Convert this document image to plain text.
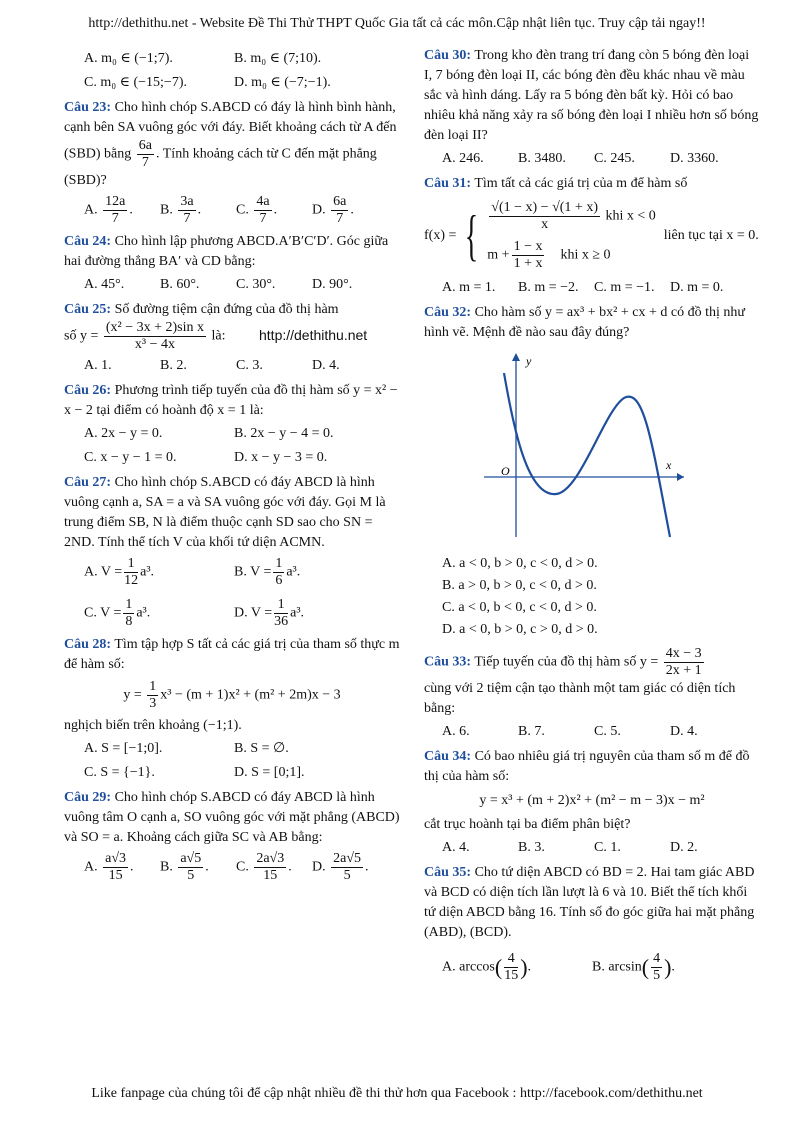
http://dethithu.net - Website Đề Thi Thử THPT Quốc Gia tất cả các môn.Cập nhật liên tục. Truy cập tải ngay!!
A. m₀ ∈ (−1;7).	B. m₀ ∈ (7;10).
C. m₀ ∈ (−15;−7).	D. m₀ ∈ (−7;−1).

Câu 23: Cho hình chóp S.ABCD có đáy là hình bình hành, cạnh bên SA vuông góc với đáy. Biết khoảng cách từ A đến (SBD) bằng $\frac{6a}{7}$ . Tính khoảng cách từ C đến mặt phẳng (SBD)?

A. $\frac{12a}{7}$ .	B. $\frac{3a}{7}$ .	C. $\frac{4a}{7}$ .	D. $\frac{6a}{7}$ .

Câu 24: Cho hình lập phương ABCD.A′B′C′D′. Góc giữa hai đường thẳng BA′ và CD bằng:

A. 45°.	B. 60°.	C. 30°.	D. 90°.

Câu 25: Số đường tiệm cận đứng của đồ thị hàm

số $y = \frac{\text{(x² − 3x + 2)sin x}}{\text{x³ − 4x}}$ là: http://dethithu.net

A. 1.	B. 2.	C. 3.	D. 4.

Câu 26: Phương trình tiếp tuyến của đồ thị hàm số y = x² − x − 2 tại điểm có hoành độ x = 1 là:

A. 2x − y = 0.	B. 2x − y − 4 = 0.
C. x − y − 1 = 0.	D. x − y − 3 = 0.

Câu 27: Cho hình chóp S.ABCD có đáy ABCD là hình vuông cạnh a, SA = a và SA vuông góc với đáy. Gọi M là trung điểm SB, N là điểm thuộc cạnh SD sao cho SN = 2ND. Tính thể tích V của khối tứ diện ACMN.

A. $V = \frac{1}{12} a^3$.	B. $V = \frac{1}{6} a^3$.
C. $V = \frac{1}{8} a^3$.	D. $V = \frac{1}{36} a^3$.

Câu 28: Tìm tập hợp S tất cả các giá trị của tham số thực m để hàm số:

$y = \frac{1}{3} x^3 - (m + 1)x^2 + (m^2 + 2m)x - 3$

nghịch biến trên khoảng (−1;1).

A. S = [−1;0].	B. S = ∅.
C. S = {−1}.	D. S = [0;1].

Câu 29: Cho hình chóp S.ABCD có đáy ABCD là hình vuông tâm O cạnh a, SO vuông góc với mặt phẳng (ABCD) và SO = a. Khoảng cách giữa SC và AB bằng:

A. $\frac{a√3}{15}$ .	B. $\frac{a√5}{5}$ .	C. $\frac{2a√3}{15}$ .	D. $\frac{2a√5}{5}$ .

Câu 30: Trong kho đèn trang trí đang còn 5 bóng đèn loại I, 7 bóng đèn loại II, các bóng đèn đều khác nhau về màu sắc và hình dáng. Lấy ra 5 bóng đèn bất kỳ. Hỏi có bao nhiêu khả năng xảy ra số bóng đèn loại I nhiều hơn số bóng đèn loại II?

A. 246.	B. 3480.	C. 245.	D. 3360.

Câu 31: Tìm tất cả các giá trị của m để hàm số

f(x) = { $\frac{√(1 - x) - √(1 + x)}{x}$ khi x < 0
$m + \frac{1 - x}{1 + x}$ khi x ≥ 0
liên tục tại x = 0.
A. m = 1.	B. m = −2.	C. m = −1.	D. m = 0.

Câu 32: Cho hàm số y = ax³ + bx² + cx + d có đồ thị như hình vẽ. Mệnh đề nào sau đây đúng?

y
x
O
A. a < 0, b > 0, c < 0, d > 0.
B. a > 0, b > 0, c < 0, d > 0.
C. a < 0, b < 0, c < 0, d > 0.
D. a < 0, b > 0, c > 0, d > 0.

Câu 33: Tiếp tuyến của đồ thị hàm số $y = \frac{4x - 3}{2x + 1}$

cùng với 2 tiệm cận tạo thành một tam giác có diện tích bằng:

A. 6.	B. 7.	C. 5.	D. 4.

Câu 34: Có bao nhiêu giá trị nguyên của tham số m để đồ thị của hàm số:

y = x³ + (m + 2)x² + (m² − m − 3)x − m²

cắt trục hoành tại ba điểm phân biệt?

A. 4.	B. 3.	C. 1.	D. 2.

Câu 35: Cho tứ diện ABCD có BD = 2. Hai tam giác ABD và BCD có diện tích lần lượt là 6 và 10. Biết thể tích khối tứ diện ABCD bằng 16. Tính số đo góc giữa hai mặt phẳng (ABD), (BCD).

A. $\arccos( \frac{4}{15}$ ).	B. $\arcsin( \frac{4}{5}$ ).
Like fanpage của chúng tôi để cập nhật nhiều đề thi thử hơn qua Facebook : http://facebook.com/dethithu.net
